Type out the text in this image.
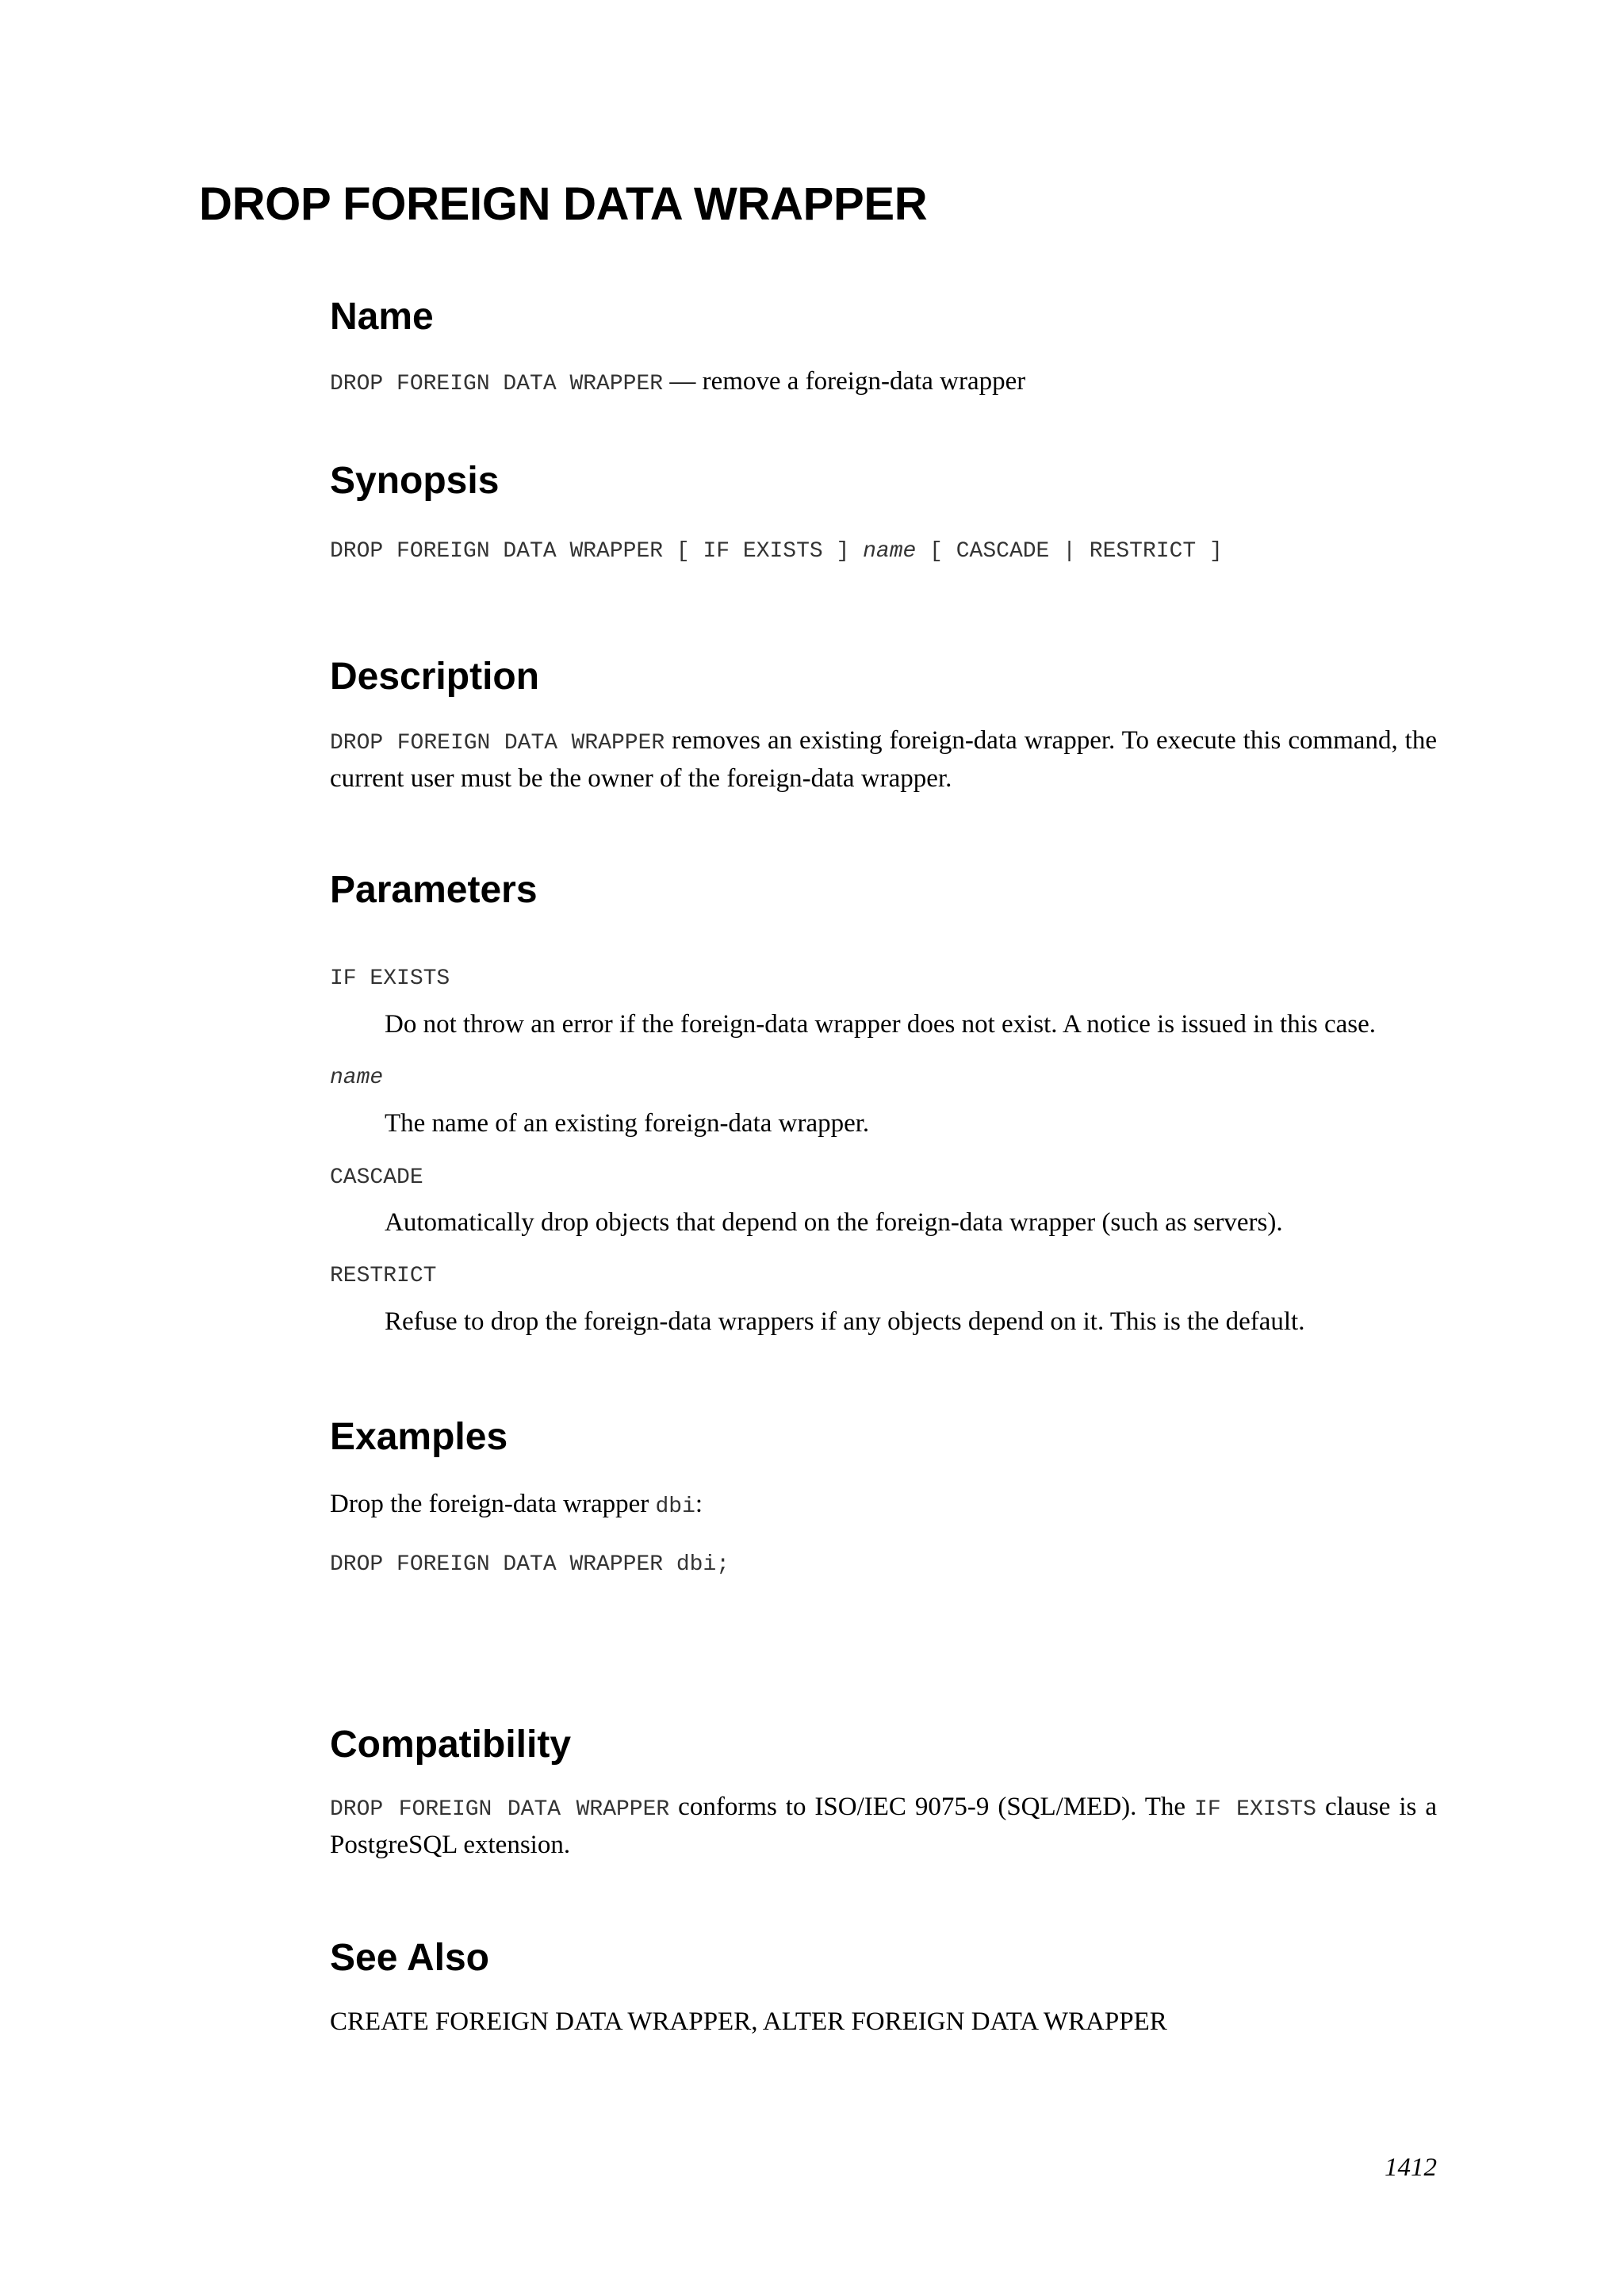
DROP FOREIGN DATA WRAPPER
Name

DROP FOREIGN DATA WRAPPER — remove a foreign-data wrapper

Synopsis

DROP FOREIGN DATA WRAPPER [ IF EXISTS ] name [ CASCADE | RESTRICT ]

Description

DROP FOREIGN DATA WRAPPER removes an existing foreign-data wrapper. To execute this command, the current user must be the owner of the foreign-data wrapper.

Parameters

IF EXISTS

Do not throw an error if the foreign-data wrapper does not exist. A notice is issued in this case.

name

The name of an existing foreign-data wrapper.

CASCADE

Automatically drop objects that depend on the foreign-data wrapper (such as servers).

RESTRICT

Refuse to drop the foreign-data wrappers if any objects depend on it. This is the default.

Examples

Drop the foreign-data wrapper dbi:

DROP FOREIGN DATA WRAPPER dbi;

Compatibility

DROP FOREIGN DATA WRAPPER conforms to ISO/IEC 9075-9 (SQL/MED). The IF EXISTS clause is a PostgreSQL extension.

See Also

CREATE FOREIGN DATA WRAPPER, ALTER FOREIGN DATA WRAPPER

1412
